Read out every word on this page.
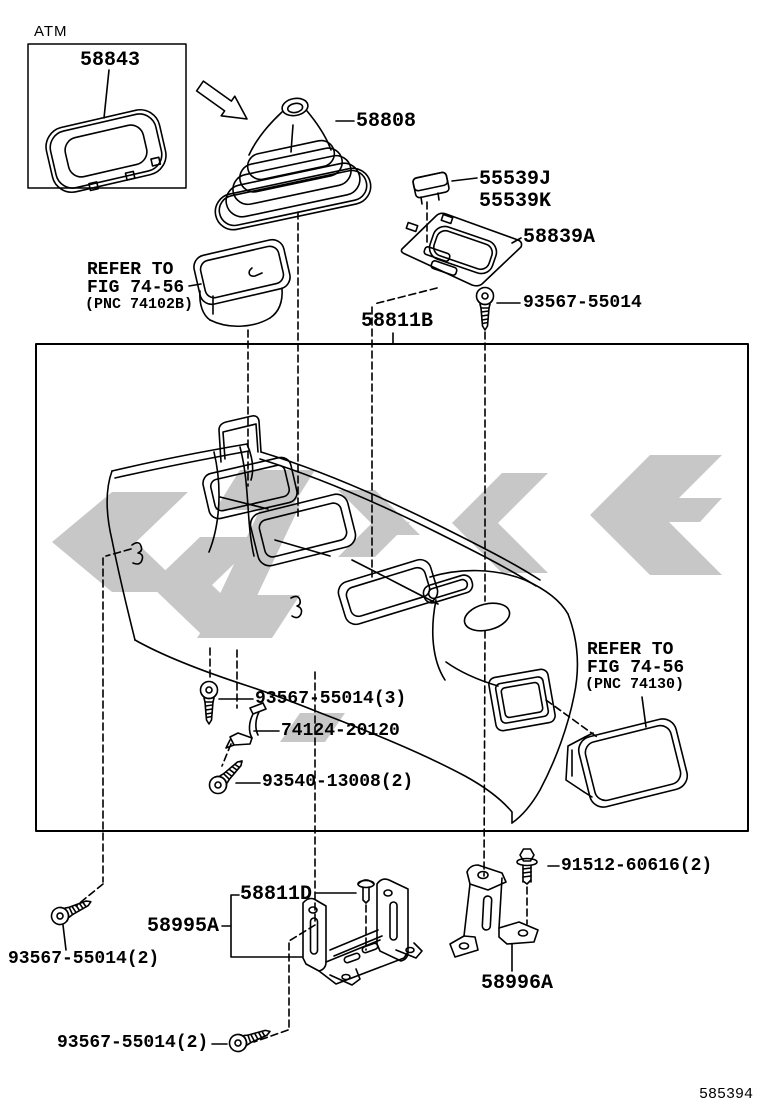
ATM
58843
58808
55539J
55539K
58839A
93567-55014
58811B
REFER TO
FIG 74-56
(PNC 74102B)
REFER TO
FIG 74-56
(PNC 74130)
93567-55014(3)
74124-20120
93540-13008(2)
91512-60616(2)
58811D
58995A
58996A
93567-55014(2)
93567-55014(2)
585394
